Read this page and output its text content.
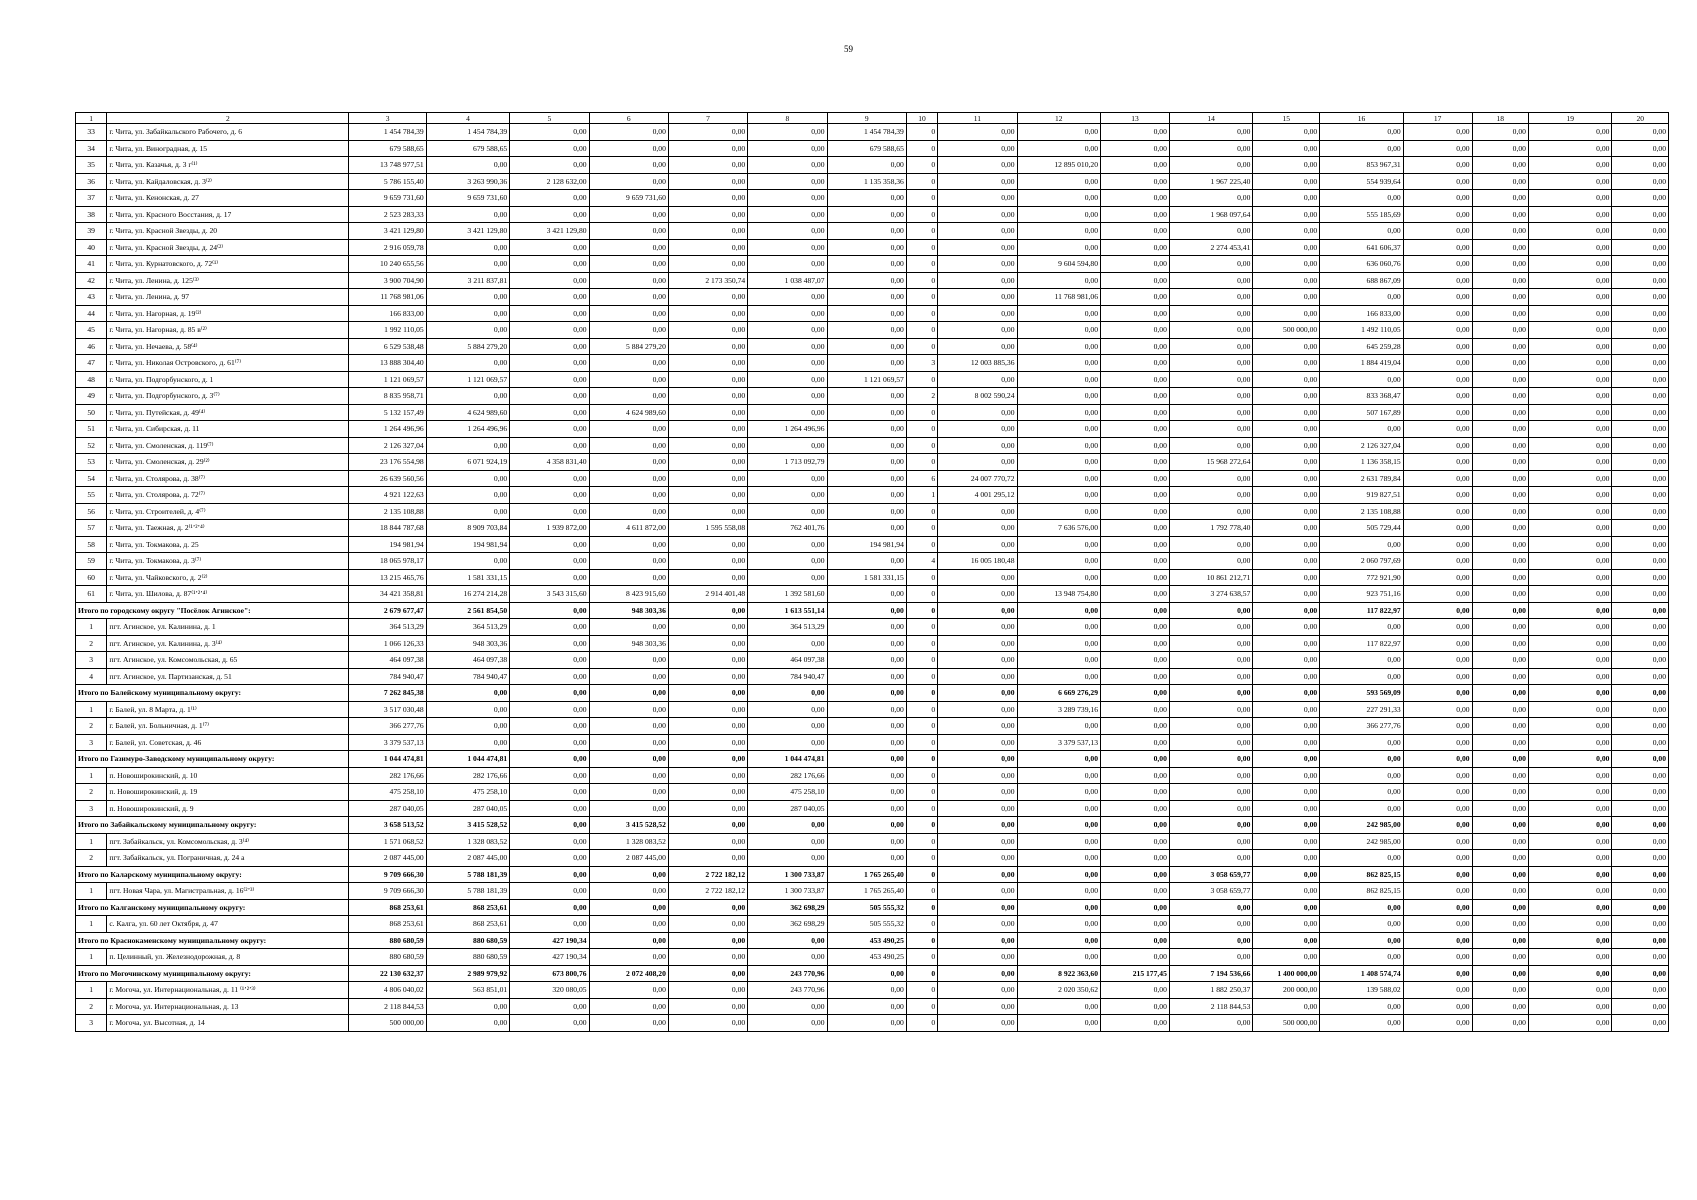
59
1	2	3	4	5	6	7	8	9	10	11	12	13	14	15	16	17	18	19	20
33	г. Чита, ул. Забайкальского Рабочего, д. 6	1 454 784,39	1 454 784,39	0,00	0,00	0,00	0,00	1 454 784,39	0	0,00	0,00	0,00	0,00	0,00	0,00	0,00	0,00	0,00	0,00
34	г. Чита, ул. Виноградная, д. 15	679 588,65	679 588,65	0,00	0,00	0,00	0,00	679 588,65	0	0,00	0,00	0,00	0,00	0,00	0,00	0,00	0,00	0,00	0,00
35	г. Чита, ул. Казачья, д. 3 г⁽¹⁾	13 748 977,51	0,00	0,00	0,00	0,00	0,00	0,00	0	0,00	12 895 010,20	0,00	0,00	0,00	853 967,31	0,00	0,00	0,00	0,00
36	г. Чита, ул. Кайдаловская, д. 3⁽²⁾	5 786 155,40	3 263 990,36	2 128 632,00	0,00	0,00	0,00	1 135 358,36	0	0,00	0,00	0,00	1 967 225,40	0,00	554 939,64	0,00	0,00	0,00	0,00
37	г. Чита, ул. Кенонская, д. 27	9 659 731,60	9 659 731,60	0,00	9 659 731,60	0,00	0,00	0,00	0	0,00	0,00	0,00	0,00	0,00	0,00	0,00	0,00	0,00	0,00
38	г. Чита, ул. Красного Восстания, д. 17	2 523 283,33	0,00	0,00	0,00	0,00	0,00	0,00	0	0,00	0,00	0,00	1 968 097,64	0,00	555 185,69	0,00	0,00	0,00	0,00
39	г. Чита, ул. Красной Звезды, д. 20	3 421 129,80	3 421 129,80	3 421 129,80	0,00	0,00	0,00	0,00	0	0,00	0,00	0,00	0,00	0,00	0,00	0,00	0,00	0,00	0,00
40	г. Чита, ул. Красной Звезды, д. 24⁽²⁾	2 916 059,78	0,00	0,00	0,00	0,00	0,00	0,00	0	0,00	0,00	0,00	2 274 453,41	0,00	641 606,37	0,00	0,00	0,00	0,00
41	г. Чита, ул. Курнатовского, д. 72⁽¹⁾	10 240 655,56	0,00	0,00	0,00	0,00	0,00	0,00	0	0,00	9 604 594,80	0,00	0,00	0,00	636 060,76	0,00	0,00	0,00	0,00
42	г. Чита, ул. Ленина, д. 125⁽³⁾	3 900 704,90	3 211 837,81	0,00	0,00	2 173 350,74	1 038 487,07	0,00	0	0,00	0,00	0,00	0,00	0,00	688 867,09	0,00	0,00	0,00	0,00
43	г. Чита, ул. Ленина, д. 97	11 768 981,06	0,00	0,00	0,00	0,00	0,00	0,00	0	0,00	11 768 981,06	0,00	0,00	0,00	0,00	0,00	0,00	0,00	0,00
44	г. Чита, ул. Нагорная, д. 19⁽²⁾	166 833,00	0,00	0,00	0,00	0,00	0,00	0,00	0	0,00	0,00	0,00	0,00	0,00	166 833,00	0,00	0,00	0,00	0,00
45	г. Чита, ул. Нагорная, д. 85 в⁽²⁾	1 992 110,05	0,00	0,00	0,00	0,00	0,00	0,00	0	0,00	0,00	0,00	0,00	500 000,00	1 492 110,05	0,00	0,00	0,00	0,00
46	г. Чита, ул. Нечаева, д. 58⁽⁴⁾	6 529 538,48	5 884 279,20	0,00	5 884 279,20	0,00	0,00	0,00	0	0,00	0,00	0,00	0,00	0,00	645 259,28	0,00	0,00	0,00	0,00
47	г. Чита, ул. Николая Островского, д. 61⁽⁷⁾	13 888 304,40	0,00	0,00	0,00	0,00	0,00	0,00	3	12 003 885,36	0,00	0,00	0,00	0,00	1 884 419,04	0,00	0,00	0,00	0,00
48	г. Чита, ул. Подгорбунского, д. 1	1 121 069,57	1 121 069,57	0,00	0,00	0,00	0,00	1 121 069,57	0	0,00	0,00	0,00	0,00	0,00	0,00	0,00	0,00	0,00	0,00
49	г. Чита, ул. Подгорбунского, д. 3⁽⁷⁾	8 835 958,71	0,00	0,00	0,00	0,00	0,00	0,00	2	8 002 590,24	0,00	0,00	0,00	0,00	833 368,47	0,00	0,00	0,00	0,00
50	г. Чита, ул. Путейская, д. 49⁽⁴⁾	5 132 157,49	4 624 989,60	0,00	4 624 989,60	0,00	0,00	0,00	0	0,00	0,00	0,00	0,00	0,00	507 167,89	0,00	0,00	0,00	0,00
51	г. Чита, ул. Сибирская, д. 11	1 264 496,96	1 264 496,96	0,00	0,00	0,00	1 264 496,96	0,00	0	0,00	0,00	0,00	0,00	0,00	0,00	0,00	0,00	0,00	0,00
52	г. Чита, ул. Смоленская, д. 119⁽⁷⁾	2 126 327,04	0,00	0,00	0,00	0,00	0,00	0,00	0	0,00	0,00	0,00	0,00	0,00	2 126 327,04	0,00	0,00	0,00	0,00
53	г. Чита, ул. Смоленская, д. 29⁽²⁾	23 176 554,98	6 071 924,19	4 358 831,40	0,00	0,00	1 713 092,79	0,00	0	0,00	0,00	0,00	15 968 272,64	0,00	1 136 358,15	0,00	0,00	0,00	0,00
54	г. Чита, ул. Столярова, д. 38⁽⁷⁾	26 639 560,56	0,00	0,00	0,00	0,00	0,00	0,00	6	24 007 770,72	0,00	0,00	0,00	0,00	2 631 789,84	0,00	0,00	0,00	0,00
55	г. Чита, ул. Столярова, д. 72⁽⁷⁾	4 921 122,63	0,00	0,00	0,00	0,00	0,00	0,00	1	4 001 295,12	0,00	0,00	0,00	0,00	919 827,51	0,00	0,00	0,00	0,00
56	г. Чита, ул. Строителей, д. 4⁽⁷⁾	2 135 108,88	0,00	0,00	0,00	0,00	0,00	0,00	0	0,00	0,00	0,00	0,00	0,00	2 135 108,88	0,00	0,00	0,00	0,00
57	г. Чита, ул. Таежная, д. 2⁽¹ʼ²ʼ⁴⁾	18 844 787,68	8 909 703,84	1 939 872,00	4 611 872,00	1 595 558,08	762 401,76	0,00	0	0,00	7 636 576,00	0,00	1 792 778,40	0,00	505 729,44	0,00	0,00	0,00	0,00
58	г. Чита, ул. Токмакова, д. 25	194 981,94	194 981,94	0,00	0,00	0,00	0,00	194 981,94	0	0,00	0,00	0,00	0,00	0,00	0,00	0,00	0,00	0,00	0,00
59	г. Чита, ул. Токмакова, д. 3⁽⁷⁾	18 065 978,17	0,00	0,00	0,00	0,00	0,00	0,00	4	16 005 180,48	0,00	0,00	0,00	0,00	2 060 797,69	0,00	0,00	0,00	0,00
60	г. Чита, ул. Чайковского, д. 2⁽²⁾	13 215 465,76	1 581 331,15	0,00	0,00	0,00	0,00	1 581 331,15	0	0,00	0,00	0,00	10 861 212,71	0,00	772 921,90	0,00	0,00	0,00	0,00
61	г. Чита, ул. Шилова, д. 87⁽¹ʼ²ʼ⁴⁾	34 421 358,81	16 274 214,28	3 543 315,60	8 423 915,60	2 914 401,48	1 392 581,60	0,00	0	0,00	13 948 754,80	0,00	3 274 638,57	0,00	923 751,16	0,00	0,00	0,00	0,00
Итого по городскому округу "Посёлок Агинское":		2 679 677,47	2 561 854,50	0,00	948 303,36	0,00	1 613 551,14	0,00	0	0,00	0,00	0,00	0,00	0,00	117 822,97	0,00	0,00	0,00	0,00
1	пгт. Агинское, ул. Калинина, д. 1	364 513,29	364 513,29	0,00	0,00	0,00	364 513,29	0,00	0	0,00	0,00	0,00	0,00	0,00	0,00	0,00	0,00	0,00	0,00
2	пгт. Агинское, ул. Калинина, д. 3⁽⁴⁾	1 066 126,33	948 303,36	0,00	948 303,36	0,00	0,00	0,00	0	0,00	0,00	0,00	0,00	0,00	117 822,97	0,00	0,00	0,00	0,00
3	пгт. Агинское, ул. Комсомольская, д. 65	464 097,38	464 097,38	0,00	0,00	0,00	464 097,38	0,00	0	0,00	0,00	0,00	0,00	0,00	0,00	0,00	0,00	0,00	0,00
4	пгт. Агинское, ул. Партизанская, д. 51	784 940,47	784 940,47	0,00	0,00	0,00	784 940,47	0,00	0	0,00	0,00	0,00	0,00	0,00	0,00	0,00	0,00	0,00	0,00
Итого по Балейскому муниципальному округу:		7 262 845,38	0,00	0,00	0,00	0,00	0,00	0,00	0	0,00	6 669 276,29	0,00	0,00	0,00	593 569,09	0,00	0,00	0,00	0,00
1	г. Балей, ул. 8 Марта, д. 1⁽¹⁾	3 517 030,48	0,00	0,00	0,00	0,00	0,00	0,00	0	0,00	3 289 739,16	0,00	0,00	0,00	227 291,33	0,00	0,00	0,00	0,00
2	г. Балей, ул. Больничная, д. 1⁽⁷⁾	366 277,76	0,00	0,00	0,00	0,00	0,00	0,00	0	0,00	0,00	0,00	0,00	0,00	366 277,76	0,00	0,00	0,00	0,00
3	г. Балей, ул. Советская, д. 46	3 379 537,13	0,00	0,00	0,00	0,00	0,00	0,00	0	0,00	3 379 537,13	0,00	0,00	0,00	0,00	0,00	0,00	0,00	0,00
Итого по Газимуро-Заводскому муниципальному округу:		1 044 474,81	1 044 474,81	0,00	0,00	0,00	1 044 474,81	0,00	0	0,00	0,00	0,00	0,00	0,00	0,00	0,00	0,00	0,00	0,00
1	п. Новоширокинский, д. 10	282 176,66	282 176,66	0,00	0,00	0,00	282 176,66	0,00	0	0,00	0,00	0,00	0,00	0,00	0,00	0,00	0,00	0,00	0,00
2	п. Новоширокинский, д. 19	475 258,10	475 258,10	0,00	0,00	0,00	475 258,10	0,00	0	0,00	0,00	0,00	0,00	0,00	0,00	0,00	0,00	0,00	0,00
3	п. Новоширокинский, д. 9	287 040,05	287 040,05	0,00	0,00	0,00	287 040,05	0,00	0	0,00	0,00	0,00	0,00	0,00	0,00	0,00	0,00	0,00	0,00
Итого по Забайкальскому муниципальному округу:		3 658 513,52	3 415 528,52	0,00	3 415 528,52	0,00	0,00	0,00	0	0,00	0,00	0,00	0,00	0,00	242 985,00	0,00	0,00	0,00	0,00
1	пгт. Забайкальск, ул. Комсомольская, д. 3⁽⁴⁾	1 571 068,52	1 328 083,52	0,00	1 328 083,52	0,00	0,00	0,00	0	0,00	0,00	0,00	0,00	0,00	242 985,00	0,00	0,00	0,00	0,00
2	пгт. Забайкальск, ул. Пограничная, д. 24 а	2 087 445,00	2 087 445,00	0,00	2 087 445,00	0,00	0,00	0,00	0	0,00	0,00	0,00	0,00	0,00	0,00	0,00	0,00	0,00	0,00
Итого по Каларскому муниципальному округу:		9 709 666,30	5 788 181,39	0,00	0,00	2 722 182,12	1 300 733,87	1 765 265,40	0	0,00	0,00	0,00	3 058 659,77	0,00	862 825,15	0,00	0,00	0,00	0,00
1	пгт. Новая Чара, ул. Магистральная, д. 16⁽²ʼ³⁾	9 709 666,30	5 788 181,39	0,00	0,00	2 722 182,12	1 300 733,87	1 765 265,40	0	0,00	0,00	0,00	3 058 659,77	0,00	862 825,15	0,00	0,00	0,00	0,00
Итого по Калганскому муниципальному округу:		868 253,61	868 253,61	0,00	0,00	0,00	362 698,29	505 555,32	0	0,00	0,00	0,00	0,00	0,00	0,00	0,00	0,00	0,00	0,00
1	с. Калга, ул. 60 лет Октября, д. 47	868 253,61	868 253,61	0,00	0,00	0,00	362 698,29	505 555,32	0	0,00	0,00	0,00	0,00	0,00	0,00	0,00	0,00	0,00	0,00
Итого по Краснокаменскому муниципальному округу:		880 680,59	880 680,59	427 190,34	0,00	0,00	0,00	453 490,25	0	0,00	0,00	0,00	0,00	0,00	0,00	0,00	0,00	0,00	0,00
1	п. Целинный, ул. Железнодорожная, д. 8	880 680,59	880 680,59	427 190,34	0,00	0,00	0,00	453 490,25	0	0,00	0,00	0,00	0,00	0,00	0,00	0,00	0,00	0,00	0,00
Итого по Могочинскому муниципальному округу:		22 130 632,37	2 989 979,92	673 800,76	2 072 408,20	0,00	243 770,96	0,00	0	0,00	8 922 363,60	215 177,45	7 194 536,66	1 400 000,00	1 408 574,74	0,00	0,00	0,00	0,00
1	г. Могоча, ул. Интернациональная, д. 11 ⁽¹ʼ²ʼ³⁾	4 806 040,02	563 851,01	320 080,05	0,00	0,00	243 770,96	0,00	0	0,00	2 020 350,62	0,00	1 882 250,37	200 000,00	139 588,02	0,00	0,00	0,00	0,00
2	г. Могоча, ул. Интернациональная, д. 13	2 118 844,53	0,00	0,00	0,00	0,00	0,00	0,00	0	0,00	0,00	0,00	2 118 844,53	0,00	0,00	0,00	0,00	0,00	0,00
3	г. Могоча, ул. Высотная, д. 14	500 000,00	0,00	0,00	0,00	0,00	0,00	0,00	0	0,00	0,00	0,00	0,00	500 000,00	0,00	0,00	0,00	0,00	0,00
